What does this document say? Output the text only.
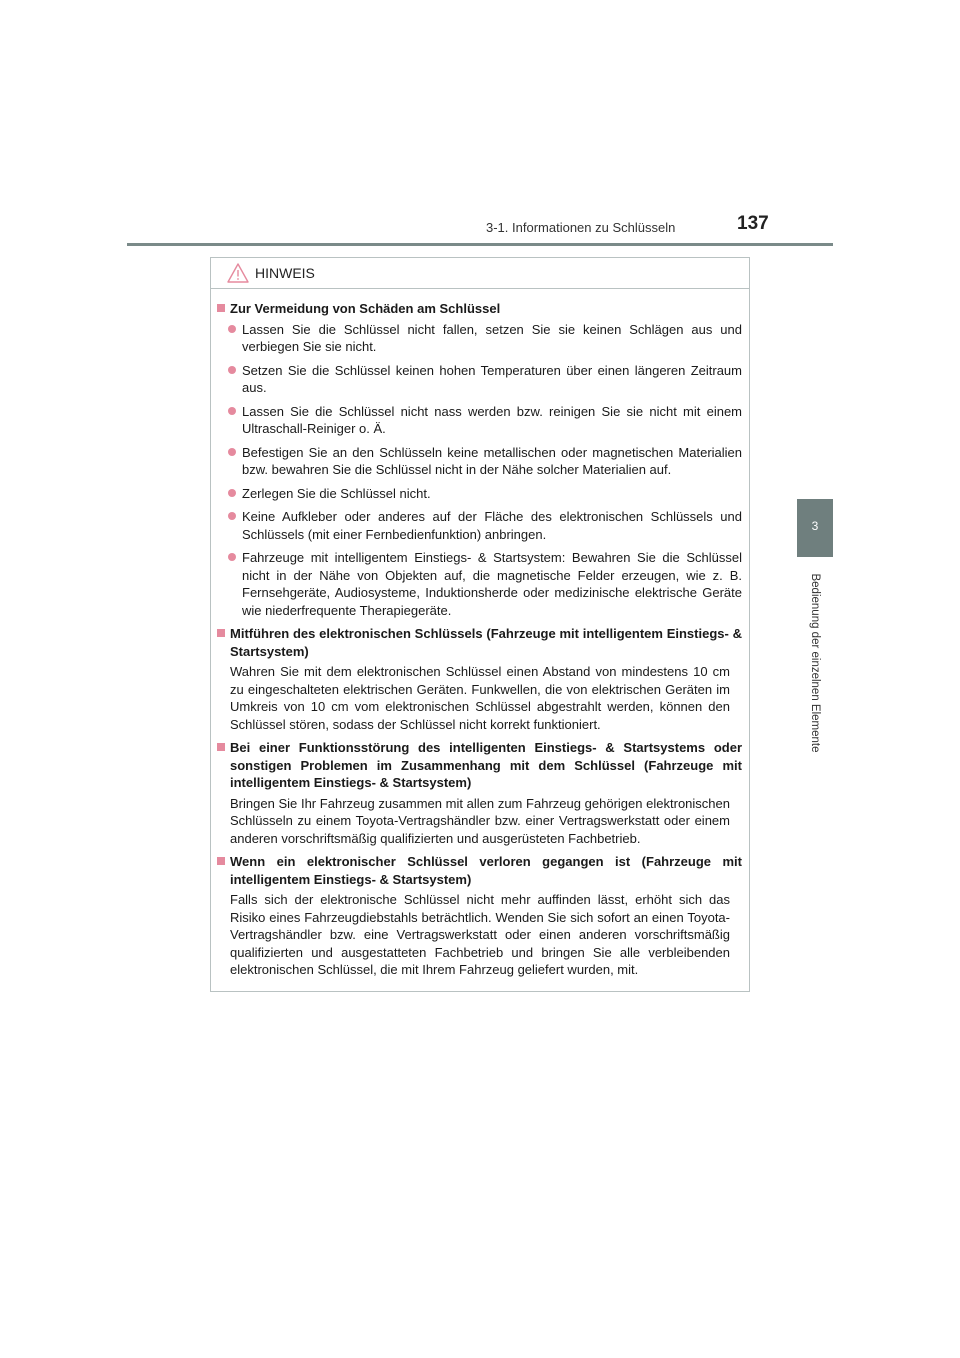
3-1. Informationen zu Schlüsseln	137
3
Bedienung der einzelnen Elemente
HINWEIS
Zur Vermeidung von Schäden am Schlüssel
Lassen Sie die Schlüssel nicht fallen, setzen Sie sie keinen Schlägen aus und verbiegen Sie sie nicht.
Setzen Sie die Schlüssel keinen hohen Temperaturen über einen längeren Zeitraum aus.
Lassen Sie die Schlüssel nicht nass werden bzw. reinigen Sie sie nicht mit einem Ultraschall-Reiniger o. Ä.
Befestigen Sie an den Schlüsseln keine metallischen oder magnetischen Materialien bzw. bewahren Sie die Schlüssel nicht in der Nähe solcher Materialien auf.
Zerlegen Sie die Schlüssel nicht.
Keine Aufkleber oder anderes auf der Fläche des elektronischen Schlüssels und Schlüssels (mit einer Fernbedienfunktion) anbringen.
Fahrzeuge mit intelligentem Einstiegs- & Startsystem: Bewahren Sie die Schlüssel nicht in der Nähe von Objekten auf, die magnetische Felder erzeugen, wie z. B. Fernsehgeräte, Audiosysteme, Induktionsherde oder medizinische elektrische Geräte wie niederfrequente Therapiegeräte.
Mitführen des elektronischen Schlüssels (Fahrzeuge mit intelligentem Einstiegs- & Startsystem)
Wahren Sie mit dem elektronischen Schlüssel einen Abstand von mindestens 10 cm zu eingeschalteten elektrischen Geräten. Funkwellen, die von elektrischen Geräten im Umkreis von 10 cm vom elektronischen Schlüssel abgestrahlt werden, können den Schlüssel stören, sodass der Schlüssel nicht korrekt funktioniert.
Bei einer Funktionsstörung des intelligenten Einstiegs- & Startsystems oder sonstigen Problemen im Zusammenhang mit dem Schlüssel (Fahrzeuge mit intelligentem Einstiegs- & Startsystem)
Bringen Sie Ihr Fahrzeug zusammen mit allen zum Fahrzeug gehörigen elektronischen Schlüsseln zu einem Toyota-Vertragshändler bzw. einer Vertragswerkstatt oder einem anderen vorschriftsmäßig qualifizierten und ausgerüsteten Fachbetrieb.
Wenn ein elektronischer Schlüssel verloren gegangen ist (Fahrzeuge mit intelligentem Einstiegs- & Startsystem)
Falls sich der elektronische Schlüssel nicht mehr auffinden lässt, erhöht sich das Risiko eines Fahrzeugdiebstahls beträchtlich. Wenden Sie sich sofort an einen Toyota-Vertragshändler bzw. eine Vertragswerkstatt oder einen anderen vorschriftsmäßig qualifizierten und ausgestatteten Fachbetrieb und bringen Sie alle verbleibenden elektronischen Schlüssel, die mit Ihrem Fahrzeug geliefert wurden, mit.
